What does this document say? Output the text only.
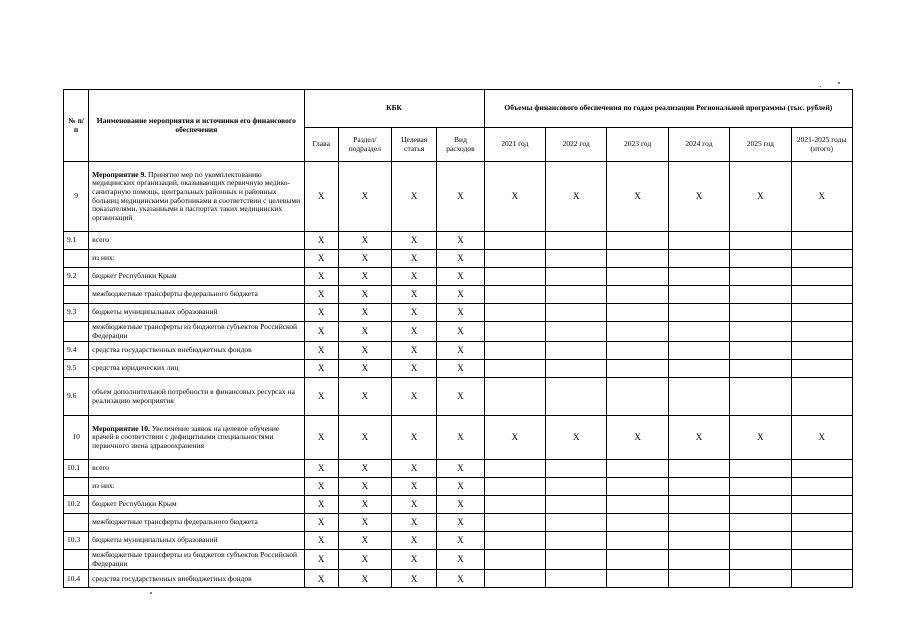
№ п/п	Наименование мероприятия и источники его финансового обеспечения	КБК				Объемы финансового обеспечения по годам реализации Региональной программы (тыс. рублей)					
		Глава	Раздел/ подраздел	Целевая статья	Вид расходов	2021 год	2022 год	2023 год	2024 год	2025 год	2021-2025 годы (итого)
9	Мероприятие 9. Принятие мер по укомплектованию медицинских организаций, оказывающих первичную медико-санитарную помощь, центральных районных и районных больниц медицинскими работниками в соответствии с целевыми показателями, указанными в паспортах таких медицинских организаций	Х	Х	Х	Х	Х	Х	Х	Х	Х	Х
9.1	всего	Х	Х	Х	Х						
	из них:	Х	Х	Х	Х						
9.2	бюджет Республики Крым	Х	Х	Х	Х						
	межбюджетные трансферты федерального бюджета	Х	Х	Х	Х						
9.3	бюджеты муниципальных образований	Х	Х	Х	Х						
	межбюджетные трансферты из бюджетов субъектов Российской Федерации	Х	Х	Х	Х						
9.4	средства государственных внебюджетных фондов	Х	Х	Х	Х						
9.5	средства юридических лиц	Х	Х	Х	Х						
9.6	объем дополнительной потребности в финансовых ресурсах на реализацию мероприятия	Х	Х	Х	Х						
10	Мероприятие 10. Увеличение заявок на целевое обучение врачей в соответствии с дефицитными специальностями первичного звена здравоохранения	Х	Х	Х	Х	Х	Х	Х	Х	Х	Х
10.1	всего	Х	Х	Х	Х						
	из них:	Х	Х	Х	Х						
10.2	бюджет Республики Крым	Х	Х	Х	Х						
	межбюджетные трансферты федерального бюджета	Х	Х	Х	Х						
10.3	бюджеты муниципальных образований	Х	Х	Х	Х						
	межбюджетные трансферты из бюджетов субъектов Российской Федерации	Х	Х	Х	Х						
10.4	средства государственных внебюджетных фондов	Х	Х	Х	Х						
